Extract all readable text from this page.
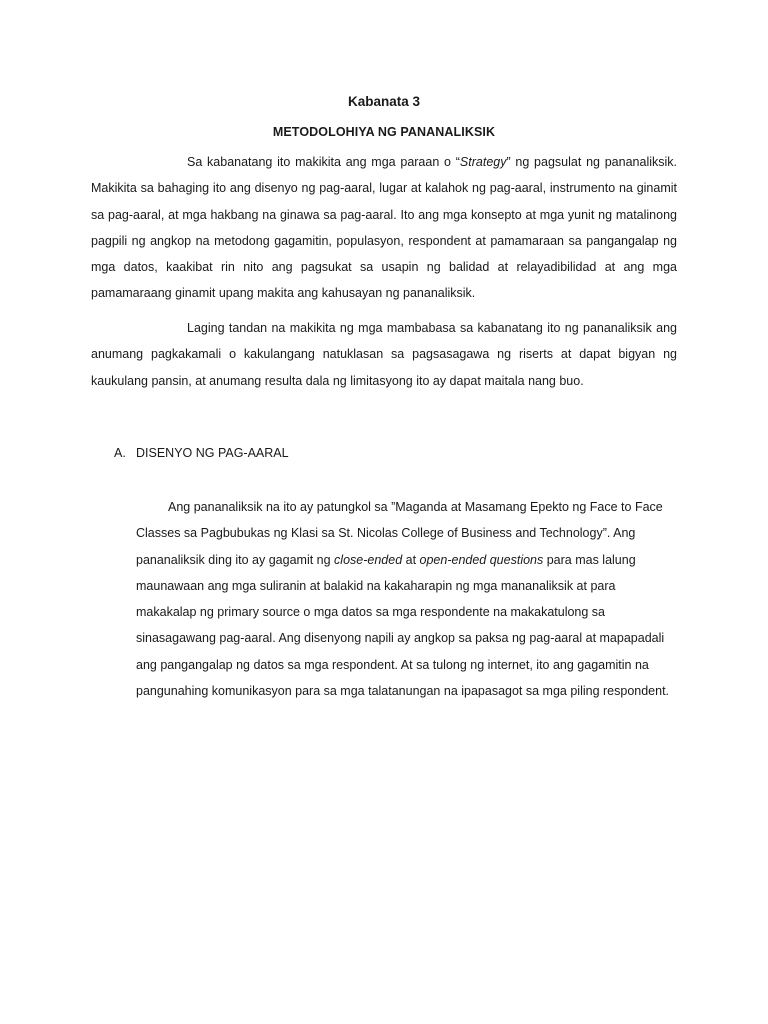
Kabanata 3
METODOLOHIYA NG PANANALIKSIK

Sa kabanatang ito makikita ang mga paraan o “Strategy” ng pagsulat ng pananaliksik.
Makikita sa bahaging ito ang disenyo ng pag-aaral, lugar at kalahok ng pag-aaral, instrumento na ginamit
sa pag-aaral, at mga hakbang na ginawa sa pag-aaral. Ito ang mga konsepto at mga yunit ng matalinong
pagpili ng angkop na metodong gagamitin, populasyon, respondent at pamamaraan sa pangangalap ng
mga datos, kaakibat rin nito ang pagsukat sa usapin ng balidad at relayadibilidad at ang mga
pamamaraang ginamit upang makita ang kahusayan ng pananaliksik.

Laging tandan na makikita ng mga mambabasa sa kabanatang ito ng pananaliksik ang
anumang pagkakamali o kakulangang natuklasan sa pagsasagawa ng riserts at dapat bigyan ng
kaukulang pansin, at anumang resulta dala ng limitasyong ito ay dapat maitala nang buo.

A. DISENYO NG PAG-AARAL

Ang pananaliksik na ito ay patungkol sa ”Maganda at Masamang Epekto ng Face to Face
Classes sa Pagbubukas ng Klasi sa St. Nicolas College of Business and Technology”. Ang
pananaliksik ding ito ay gagamit ng close-ended at open-ended questions para mas lalung
maunawaan ang mga suliranin at balakid na kakaharapin ng mga mananaliksik at para
makakalap ng primary source o mga datos sa mga respondente na makakatulong sa
sinasagawang pag-aaral. Ang disenyong napili ay angkop sa paksa ng pag-aaral at mapapadali
ang pangangalap ng datos sa mga respondent. At sa tulong ng internet, ito ang gagamitin na
pangunahing komunikasyon para sa mga talatanungan na ipapasagot sa mga piling respondent.
